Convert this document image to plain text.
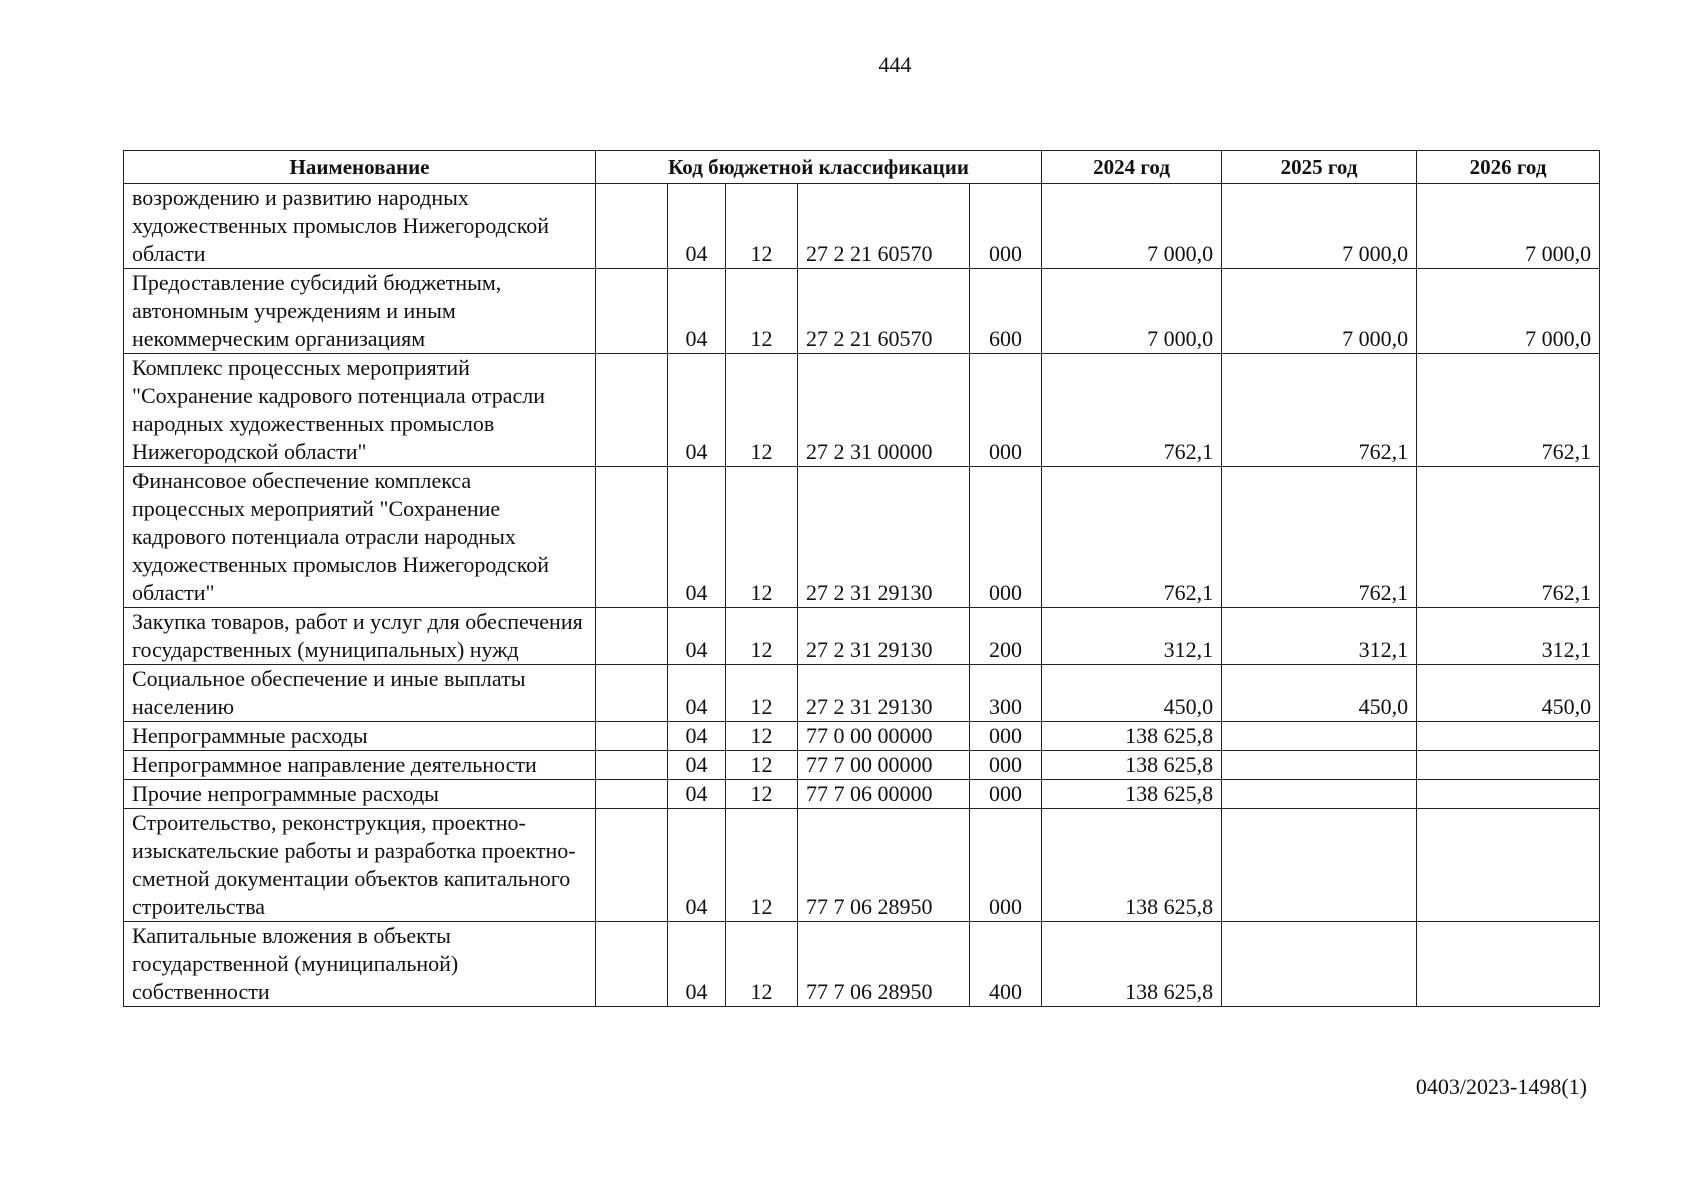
444
Наименование	Код бюджетной классификации					2024 год	2025 год	2026 год
возрождению и развитию народных художественных промыслов Нижегородской области		04	12	27 2 21 60570	000	7 000,0	7 000,0	7 000,0
Предоставление субсидий бюджетным, автономным учреждениям и иным некоммерческим организациям		04	12	27 2 21 60570	600	7 000,0	7 000,0	7 000,0
Комплекс процессных мероприятий "Сохранение кадрового потенциала отрасли народных художественных промыслов Нижегородской области"		04	12	27 2 31 00000	000	762,1	762,1	762,1
Финансовое обеспечение комплекса процессных мероприятий "Сохранение кадрового потенциала отрасли народных художественных промыслов Нижегородской области"		04	12	27 2 31 29130	000	762,1	762,1	762,1
Закупка товаров, работ и услуг для обеспечения государственных (муниципальных) нужд		04	12	27 2 31 29130	200	312,1	312,1	312,1
Социальное обеспечение и иные выплаты населению		04	12	27 2 31 29130	300	450,0	450,0	450,0
Непрограммные расходы		04	12	77 0 00 00000	000	138 625,8		
Непрограммное направление деятельности		04	12	77 7 00 00000	000	138 625,8		
Прочие непрограммные расходы		04	12	77 7 06 00000	000	138 625,8		
Строительство, реконструкция, проектно-изыскательские работы и разработка проектно-сметной документации объектов капитального строительства		04	12	77 7 06 28950	000	138 625,8		
Капитальные вложения в объекты государственной (муниципальной) собственности		04	12	77 7 06 28950	400	138 625,8		
0403/2023-1498(1)
